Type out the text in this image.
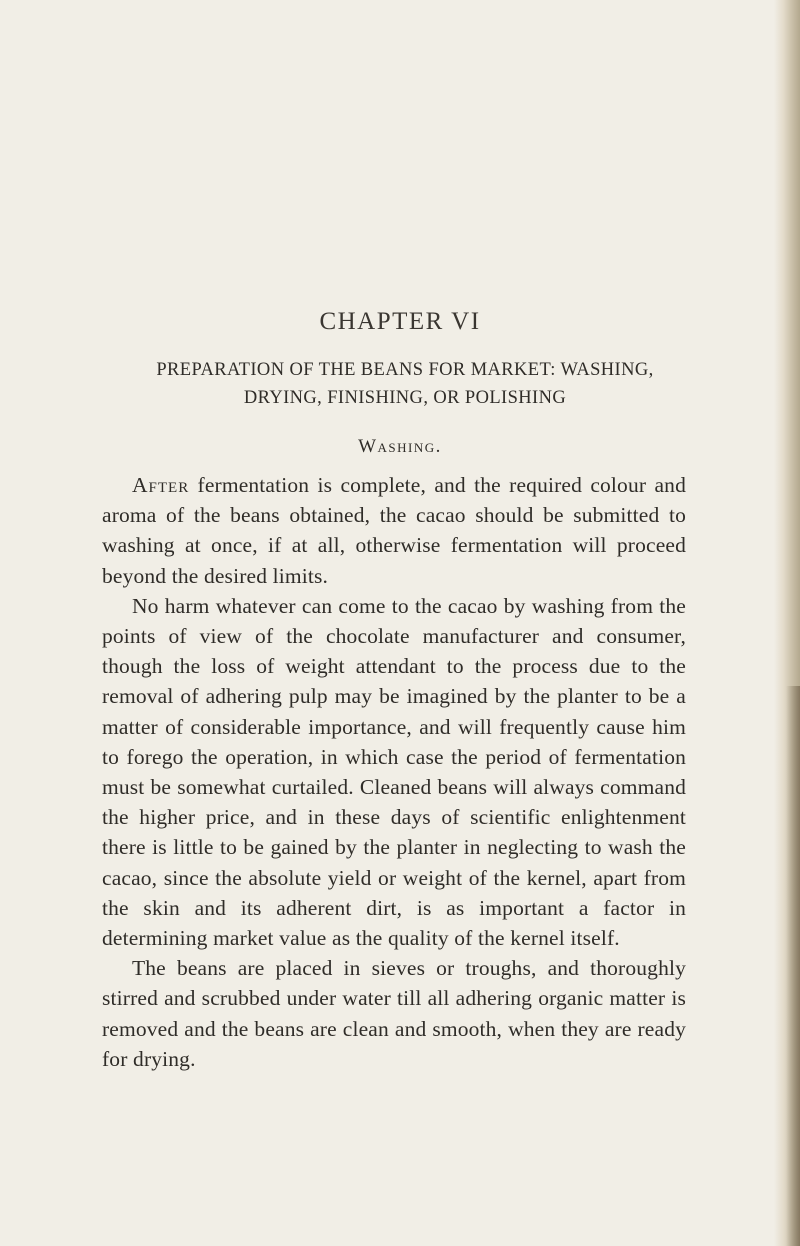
CHAPTER VI
PREPARATION OF THE BEANS FOR MARKET: WASHING, DRYING, FINISHING, OR POLISHING
Washing.

After fermentation is complete, and the required colour and aroma of the beans obtained, the cacao should be submitted to washing at once, if at all, otherwise fermentation will proceed beyond the desired limits.

No harm whatever can come to the cacao by washing from the points of view of the chocolate manufacturer and consumer, though the loss of weight attendant to the process due to the removal of adhering pulp may be imagined by the planter to be a matter of considerable importance, and will frequently cause him to forego the operation, in which case the period of fermentation must be somewhat curtailed. Cleaned beans will always command the higher price, and in these days of scientific enlightenment there is little to be gained by the planter in neglecting to wash the cacao, since the absolute yield or weight of the kernel, apart from the skin and its adherent dirt, is as important a factor in determining market value as the quality of the kernel itself.

The beans are placed in sieves or troughs, and thoroughly stirred and scrubbed under water till all adhering organic matter is removed and the beans are clean and smooth, when they are ready for drying.
